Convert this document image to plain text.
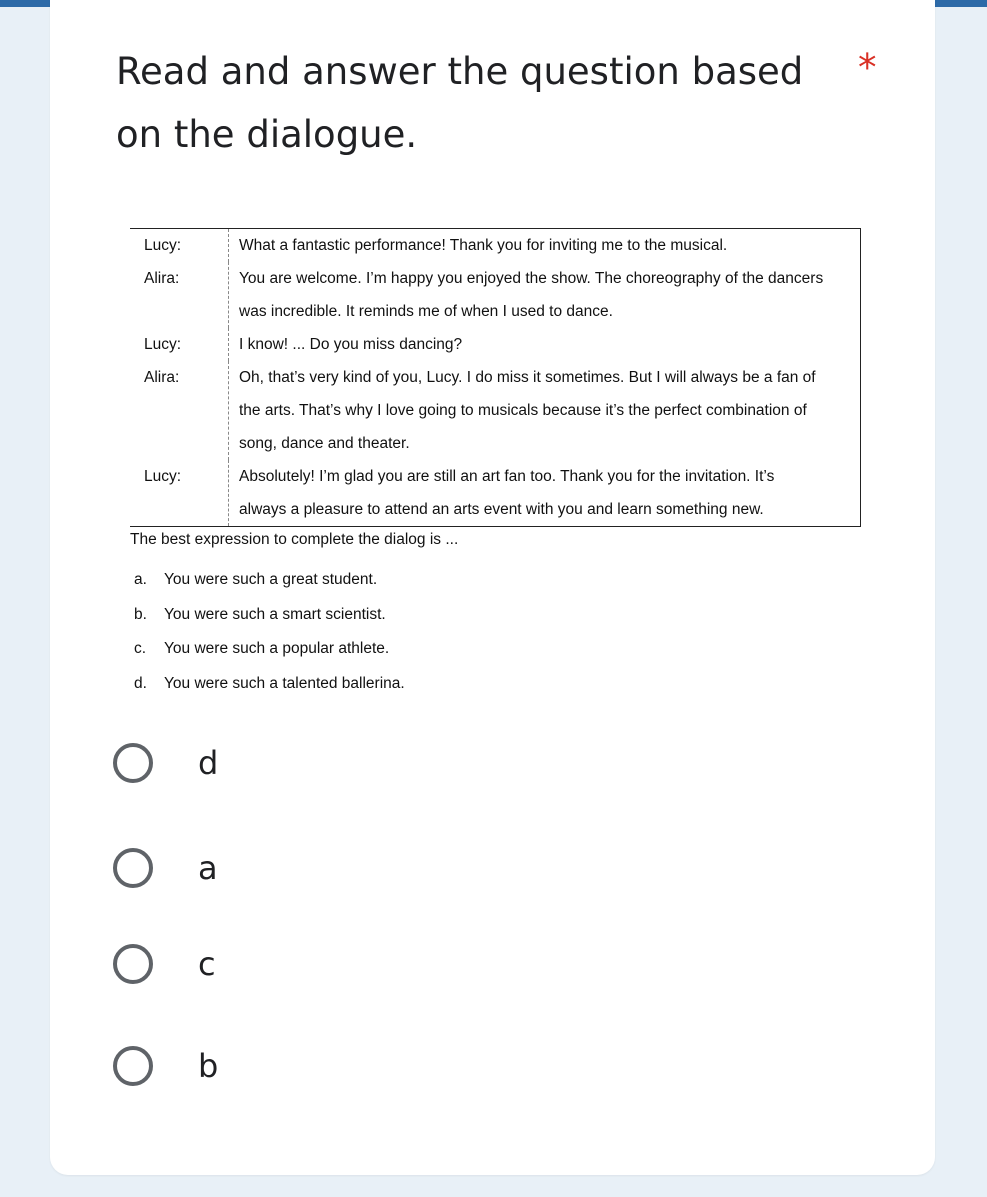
Read and answer the question based on the dialogue.
*
Lucy:	What a fantastic performance! Thank you for inviting me to the musical.

Alira:	You are welcome. I’m happy you enjoyed the show. The choreography of the dancers

was incredible. It reminds me of when I used to dance.

Lucy:	I know! ... Do you miss dancing?

Alira:	Oh, that’s very kind of you, Lucy. I do miss it sometimes. But I will always be a fan of

the arts. That’s why I love going to musicals because it’s the perfect combination of

song, dance and theater.

Lucy:	Absolutely! I’m glad you are still an art fan too. Thank you for the invitation. It’s

always a pleasure to attend an arts event with you and learn something new.

The best expression to complete the dialog is ...
a.	You were such a great student.
b.	You were such a smart scientist.
c.	You were such a popular athlete.
d.	You were such a talented ballerina.
d
a
c
b
